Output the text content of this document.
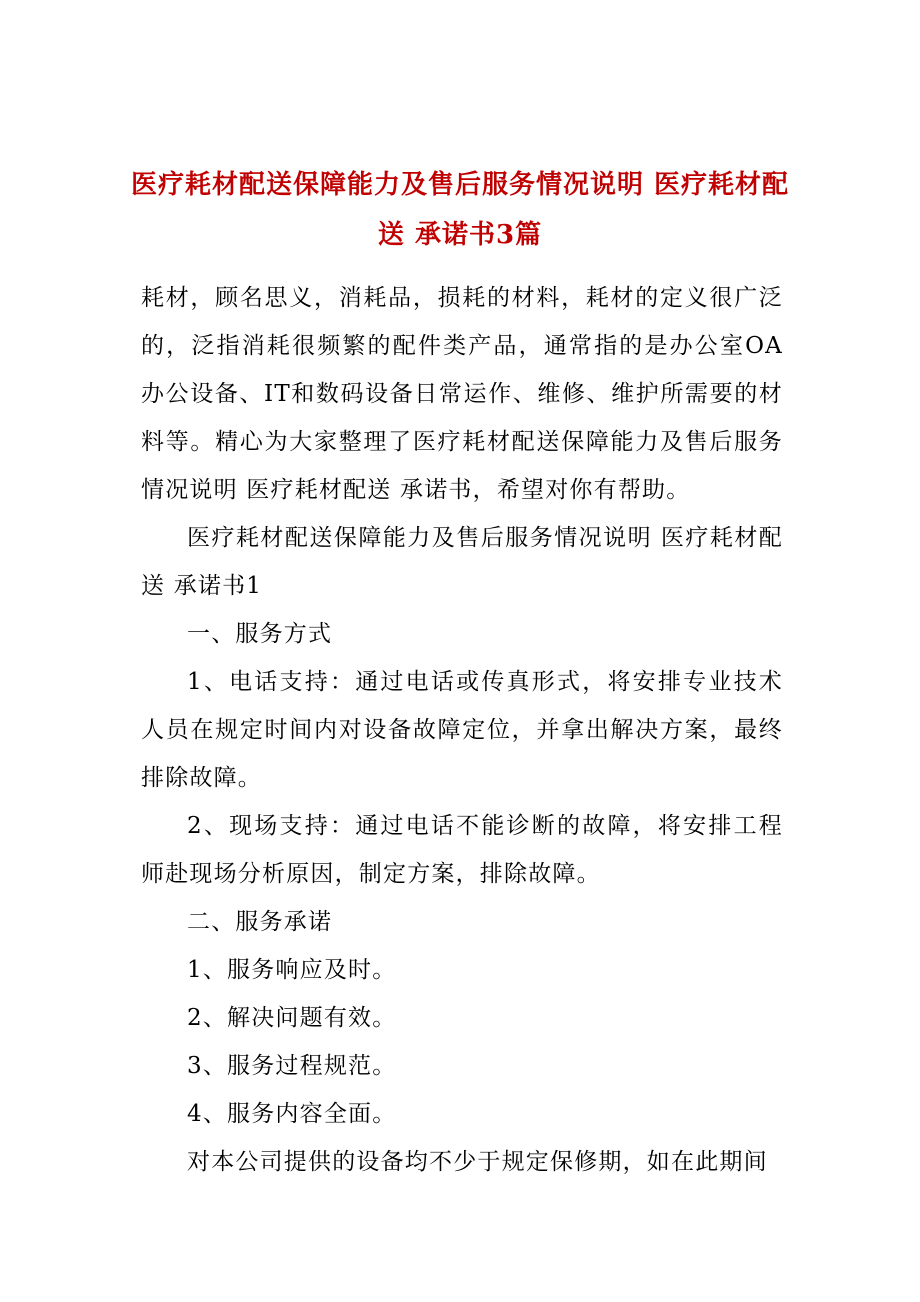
医疗耗材配送保障能力及售后服务情况说明 医疗耗材配送 承诺书3篇

耗材，顾名思义，消耗品，损耗的材料，耗材的定义很广泛的，泛指消耗很频繁的配件类产品，通常指的是办公室OA办公设备、IT和数码设备日常运作、维修、维护所需要的材料等。精心为大家整理了医疗耗材配送保障能力及售后服务情况说明 医疗耗材配送 承诺书，希望对你有帮助。

医疗耗材配送保障能力及售后服务情况说明 医疗耗材配送 承诺书1

一、服务方式

1、电话支持：通过电话或传真形式，将安排专业技术人员在规定时间内对设备故障定位，并拿出解决方案，最终排除故障。

2、现场支持：通过电话不能诊断的故障，将安排工程师赴现场分析原因，制定方案，排除故障。

二、服务承诺

1、服务响应及时。

2、解决问题有效。

3、服务过程规范。

4、服务内容全面。

对本公司提供的设备均不少于规定保修期，如在此期间
